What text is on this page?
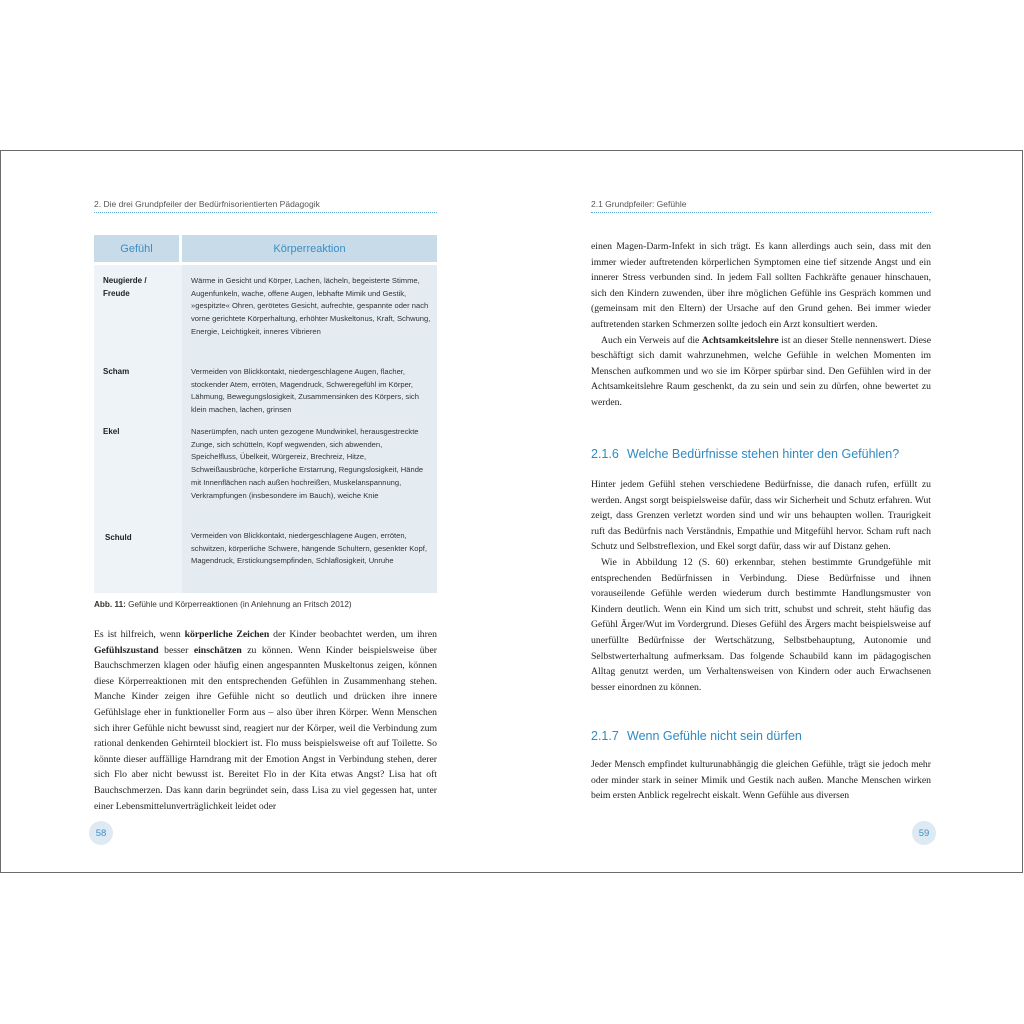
2. Die drei Grundpfeiler der Bedürfnisorientierten Pädagogik
Gefühl	Körperreaktion
Neugierde / Freude
Scham
Ekel
Schuld
Wärme in Gesicht und Körper, Lachen, lächeln, begeisterte Stimme, Augenfunkeln, wache, offene Augen, lebhafte Mimik und Gestik, »gespitzte« Ohren, gerötetes Gesicht, aufrechte, gespannte oder nach vorne gerichtete Körperhaltung, erhöhter Muskeltonus, Kraft, Schwung, Energie, Leichtigkeit, inneres Vibrieren
Vermeiden von Blickkontakt, niedergeschlagene Augen, flacher, stockender Atem, erröten, Magendruck, Schweregefühl im Körper, Lähmung, Bewegungslosigkeit, Zusammensinken des Körpers, sich klein machen, lachen, grinsen
Naserümpfen, nach unten gezogene Mundwinkel, herausgestreckte Zunge, sich schütteln, Kopf wegwenden, sich abwenden, Speichelfluss, Übelkeit, Würgereiz, Brechreiz, Hitze, Schweißausbrüche, körperliche Erstarrung, Regungslosigkeit, Hände mit Innenflächen nach außen hochreißen, Muskelanspannung, Verkrampfungen (insbesondere im Bauch), weiche Knie
Vermeiden von Blickkontakt, niedergeschlagene Augen, erröten, schwitzen, körperliche Schwere, hängende Schultern, gesenkter Kopf, Magendruck, Erstickungsempfinden, Schlaflosigkeit, Unruhe
Abb. 11: Gefühle und Körperreaktionen (in Anlehnung an Fritsch 2012)

Es ist hilfreich, wenn körperliche Zeichen der Kinder beobachtet werden, um ihren Gefühlszustand besser einschätzen zu können. Wenn Kinder beispielsweise über Bauchschmerzen klagen oder häufig einen angespannten Muskeltonus zeigen, können diese Körperreaktionen mit den entsprechenden Gefühlen in Zusammenhang stehen. Manche Kinder zeigen ihre Gefühle nicht so deutlich und drücken ihre innere Gefühlslage eher in funktioneller Form aus – also über ihren Körper. Wenn Menschen sich ihrer Gefühle nicht bewusst sind, reagiert nur der Körper, weil die Verbindung zum rational denkenden Gehirnteil blockiert ist. Flo muss beispielsweise oft auf Toilette. So könnte dieser auffällige Harndrang mit der Emotion Angst in Verbindung stehen, derer sich Flo aber nicht bewusst ist. Bereitet Flo in der Kita etwas Angst? Lisa hat oft Bauchschmerzen. Das kann darin begründet sein, dass Lisa zu viel gegessen hat, unter einer Lebensmittelunverträglichkeit leidet oder

58
2.1 Grundpfeiler: Gefühle
59

einen Magen-Darm-Infekt in sich trägt. Es kann allerdings auch sein, dass mit den immer wieder auftretenden körperlichen Symptomen eine tief sitzende Angst und ein innerer Stress verbunden sind. In jedem Fall sollten Fachkräfte genauer hinschauen, sich den Kindern zuwenden, über ihre möglichen Gefühle ins Gespräch kommen und (gemeinsam mit den Eltern) der Ursache auf den Grund gehen. Bei immer wieder auftretenden starken Schmerzen sollte jedoch ein Arzt konsultiert werden.

Auch ein Verweis auf die Achtsamkeitslehre ist an dieser Stelle nennenswert. Diese beschäftigt sich damit wahrzunehmen, welche Gefühle in welchen Momenten im Menschen aufkommen und wo sie im Körper spürbar sind. Den Gefühlen wird in der Achtsamkeitslehre Raum geschenkt, da zu sein und sein zu dürfen, ohne bewertet zu werden.

2.1.6 Welche Bedürfnisse stehen hinter den Gefühlen?

Hinter jedem Gefühl stehen verschiedene Bedürfnisse, die danach rufen, erfüllt zu werden. Angst sorgt beispielsweise dafür, dass wir Sicherheit und Schutz erfahren. Wut zeigt, dass Grenzen verletzt worden sind und wir uns behaupten wollen. Traurigkeit ruft das Bedürfnis nach Verständnis, Empathie und Mitgefühl hervor. Scham ruft nach Schutz und Selbstreflexion, und Ekel sorgt dafür, dass wir auf Distanz gehen.

Wie in Abbildung 12 (S. 60) erkennbar, stehen bestimmte Grundgefühle mit entsprechenden Bedürfnissen in Verbindung. Diese Bedürfnisse und ihnen vorauseilende Gefühle werden wiederum durch bestimmte Handlungsmuster von Kindern deutlich. Wenn ein Kind um sich tritt, schubst und schreit, steht häufig das Gefühl Ärger/Wut im Vordergrund. Dieses Gefühl des Ärgers macht beispielsweise auf unerfüllte Bedürfnisse der Wertschätzung, Selbstbehauptung, Autonomie und Selbstwerterhaltung aufmerksam. Das folgende Schaubild kann im pädagogischen Alltag genutzt werden, um Verhaltensweisen von Kindern oder auch Erwachsenen besser einordnen zu können.

2.1.7 Wenn Gefühle nicht sein dürfen

Jeder Mensch empfindet kulturunabhängig die gleichen Gefühle, trägt sie jedoch mehr oder minder stark in seiner Mimik und Gestik nach außen. Manche Menschen wirken beim ersten Anblick regelrecht eiskalt. Wenn Gefühle aus diversen
